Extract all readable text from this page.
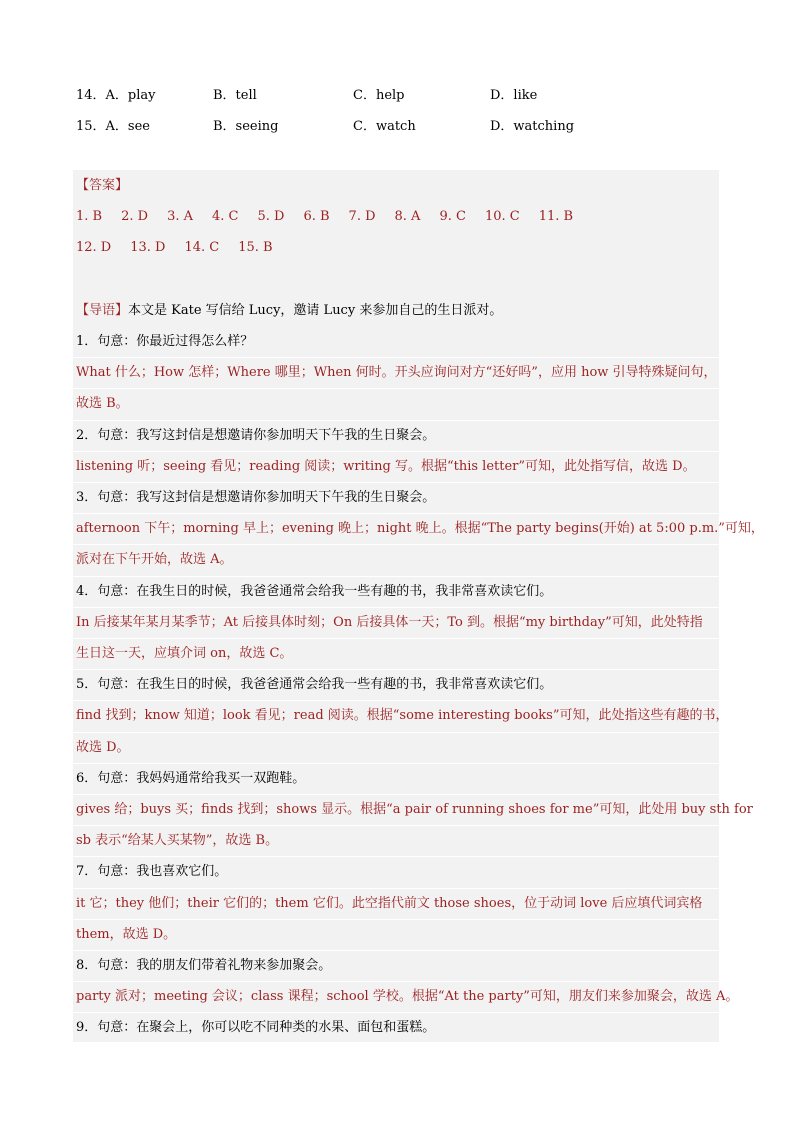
14．A．play	B．tell	C．help	D．like
15．A．see	B．seeing	C．watch	D．watching
【答案】
1. B 2. D 3. A 4. C 5. D 6. B 7. D 8. A 9. C 10. C 11. B
12. D 13. D 14. C 15. B
【导语】本文是 Kate 写信给 Lucy，邀请 Lucy 来参加自己的生日派对。
1．句意：你最近过得怎么样？
What 什么；How 怎样；Where 哪里；When 何时。开头应询问对方“还好吗”，应用 how 引导特殊疑问句，
故选 B。
2．句意：我写这封信是想邀请你参加明天下午我的生日聚会。
listening 听；seeing 看见；reading 阅读；writing 写。根据“this letter”可知，此处指写信，故选 D。
3．句意：我写这封信是想邀请你参加明天下午我的生日聚会。
afternoon 下午；morning 早上；evening 晚上；night 晚上。根据“The party begins(开始) at 5:00 p.m.”可知，
派对在下午开始，故选 A。
4．句意：在我生日的时候，我爸爸通常会给我一些有趣的书，我非常喜欢读它们。
In 后接某年某月某季节；At 后接具体时刻；On 后接具体一天；To 到。根据“my birthday”可知，此处特指
生日这一天，应填介词 on，故选 C。
5．句意：在我生日的时候，我爸爸通常会给我一些有趣的书，我非常喜欢读它们。
find 找到；know 知道；look 看见；read 阅读。根据“some interesting books”可知，此处指这些有趣的书，
故选 D。
6．句意：我妈妈通常给我买一双跑鞋。
gives 给；buys 买；finds 找到；shows 显示。根据“a pair of running shoes for me”可知，此处用 buy sth for
sb 表示“给某人买某物”，故选 B。
7．句意：我也喜欢它们。
it 它；they 他们；their 它们的；them 它们。此空指代前文 those shoes，位于动词 love 后应填代词宾格
them，故选 D。
8．句意：我的朋友们带着礼物来参加聚会。
party 派对；meeting 会议；class 课程；school 学校。根据“At the party”可知，朋友们来参加聚会，故选 A。
9．句意：在聚会上，你可以吃不同种类的水果、面包和蛋糕。
